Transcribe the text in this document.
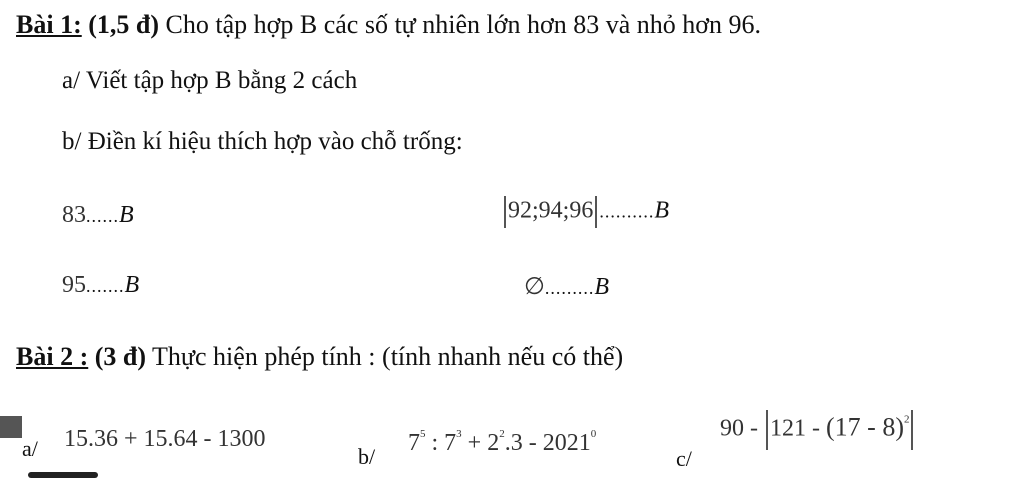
Bài 1: (1,5 đ) Cho tập hợp B các số tự nhiên lớn hơn 83 và nhỏ hơn 96.
a/ Viết tập hợp B bằng 2 cách
b/ Điền kí hiệu thích hợp vào chỗ trống:
83......B	92;94;96 ..........B
95.......B	∅.........B
Bài 2 : (3 đ) Thực hiện phép tính : (tính nhanh nếu có thể)
a/ 15.36 + 15.64 - 1300
b/
$7^5$ : $7^3 + 2^2.3 - 2021^0$
c/
90 - 121 - (17 - 8)$^2$
